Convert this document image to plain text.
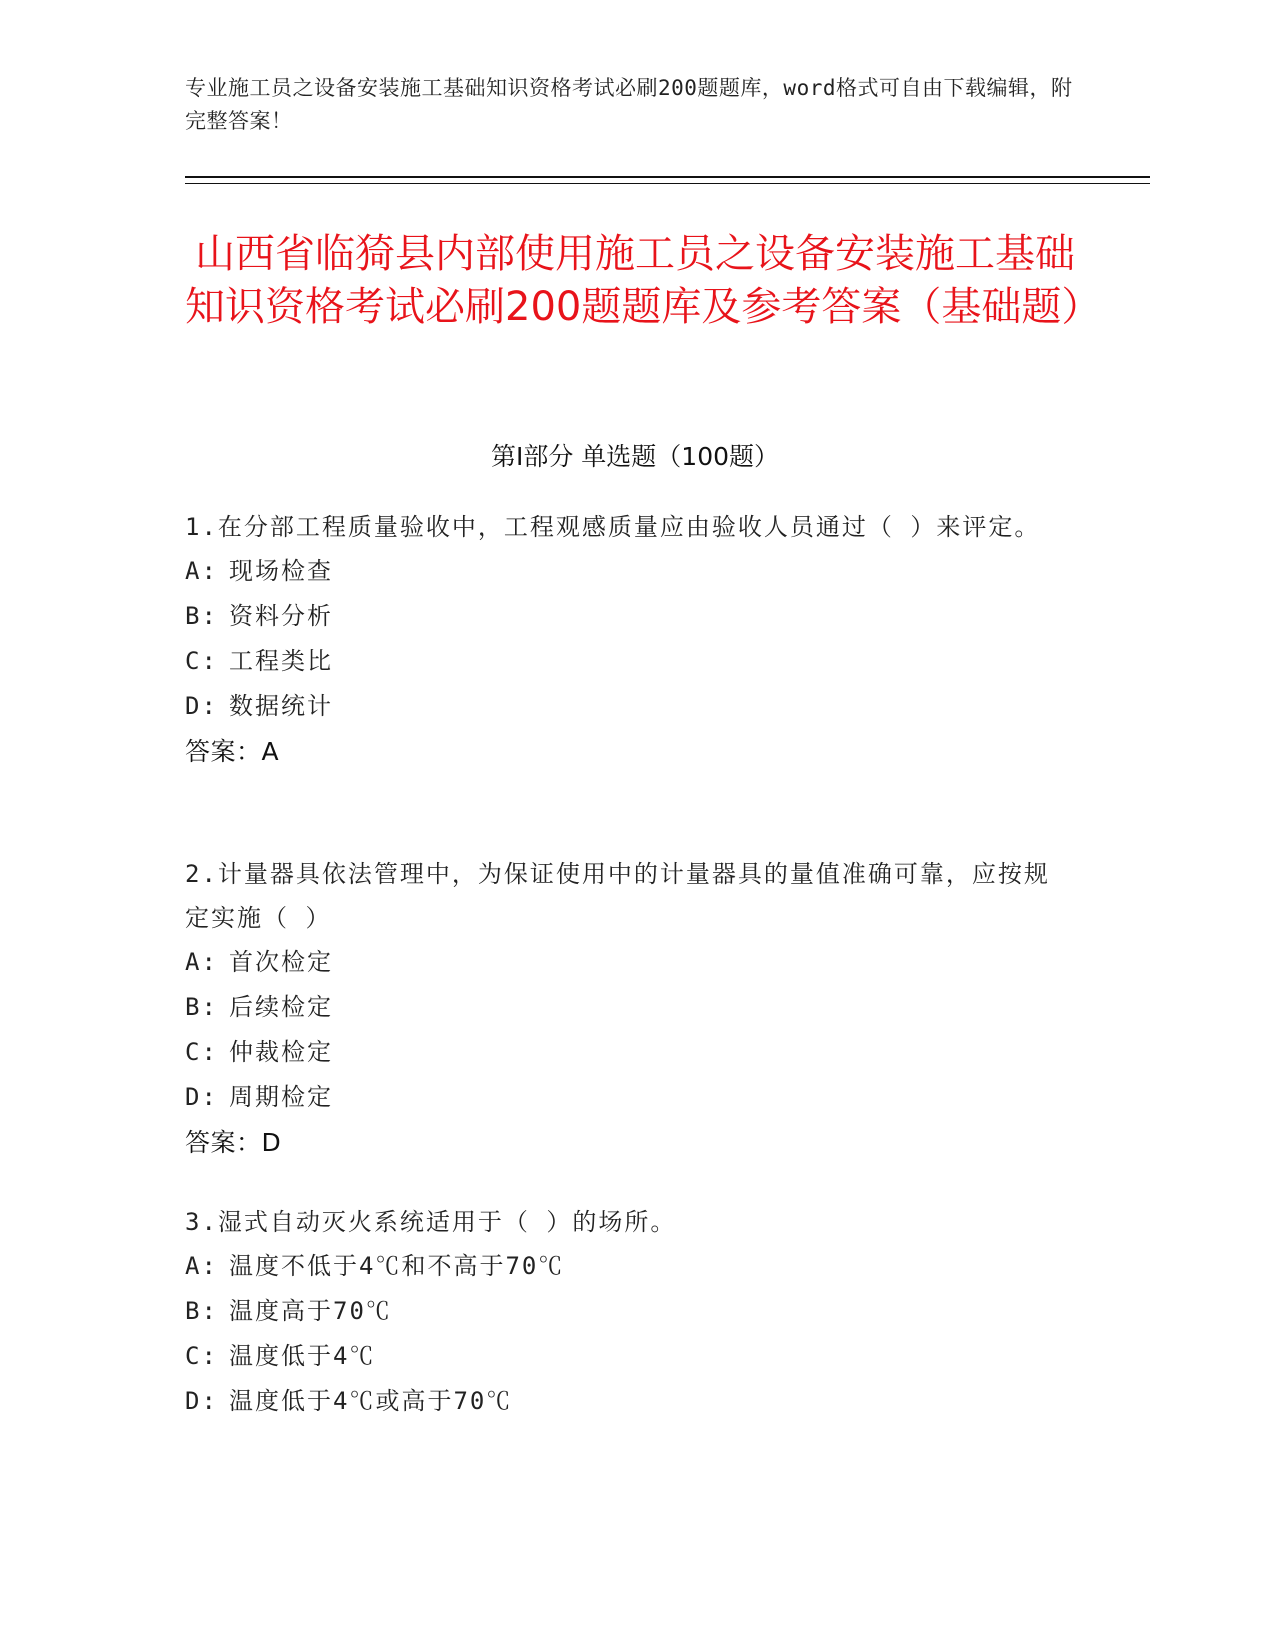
专业施工员之设备安装施工基础知识资格考试必刷200题题库，word格式可自由下载编辑，附完整答案！
山西省临猗县内部使用施工员之设备安装施工基础知识资格考试必刷200题题库及参考答案（基础题）
第Ⅰ部分 单选题（100题）
1.在分部工程质量验收中，工程观感质量应由验收人员通过（ ）来评定。
A: 现场检查
B: 资料分析
C: 工程类比
D: 数据统计
答案：A
2.计量器具依法管理中，为保证使用中的计量器具的量值准确可靠，应按规定实施（ ）
A: 首次检定
B: 后续检定
C: 仲裁检定
D: 周期检定
答案：D
3.湿式自动灭火系统适用于（ ）的场所。
A: 温度不低于4℃和不高于70℃
B: 温度高于70℃
C: 温度低于4℃
D: 温度低于4℃或高于70℃
